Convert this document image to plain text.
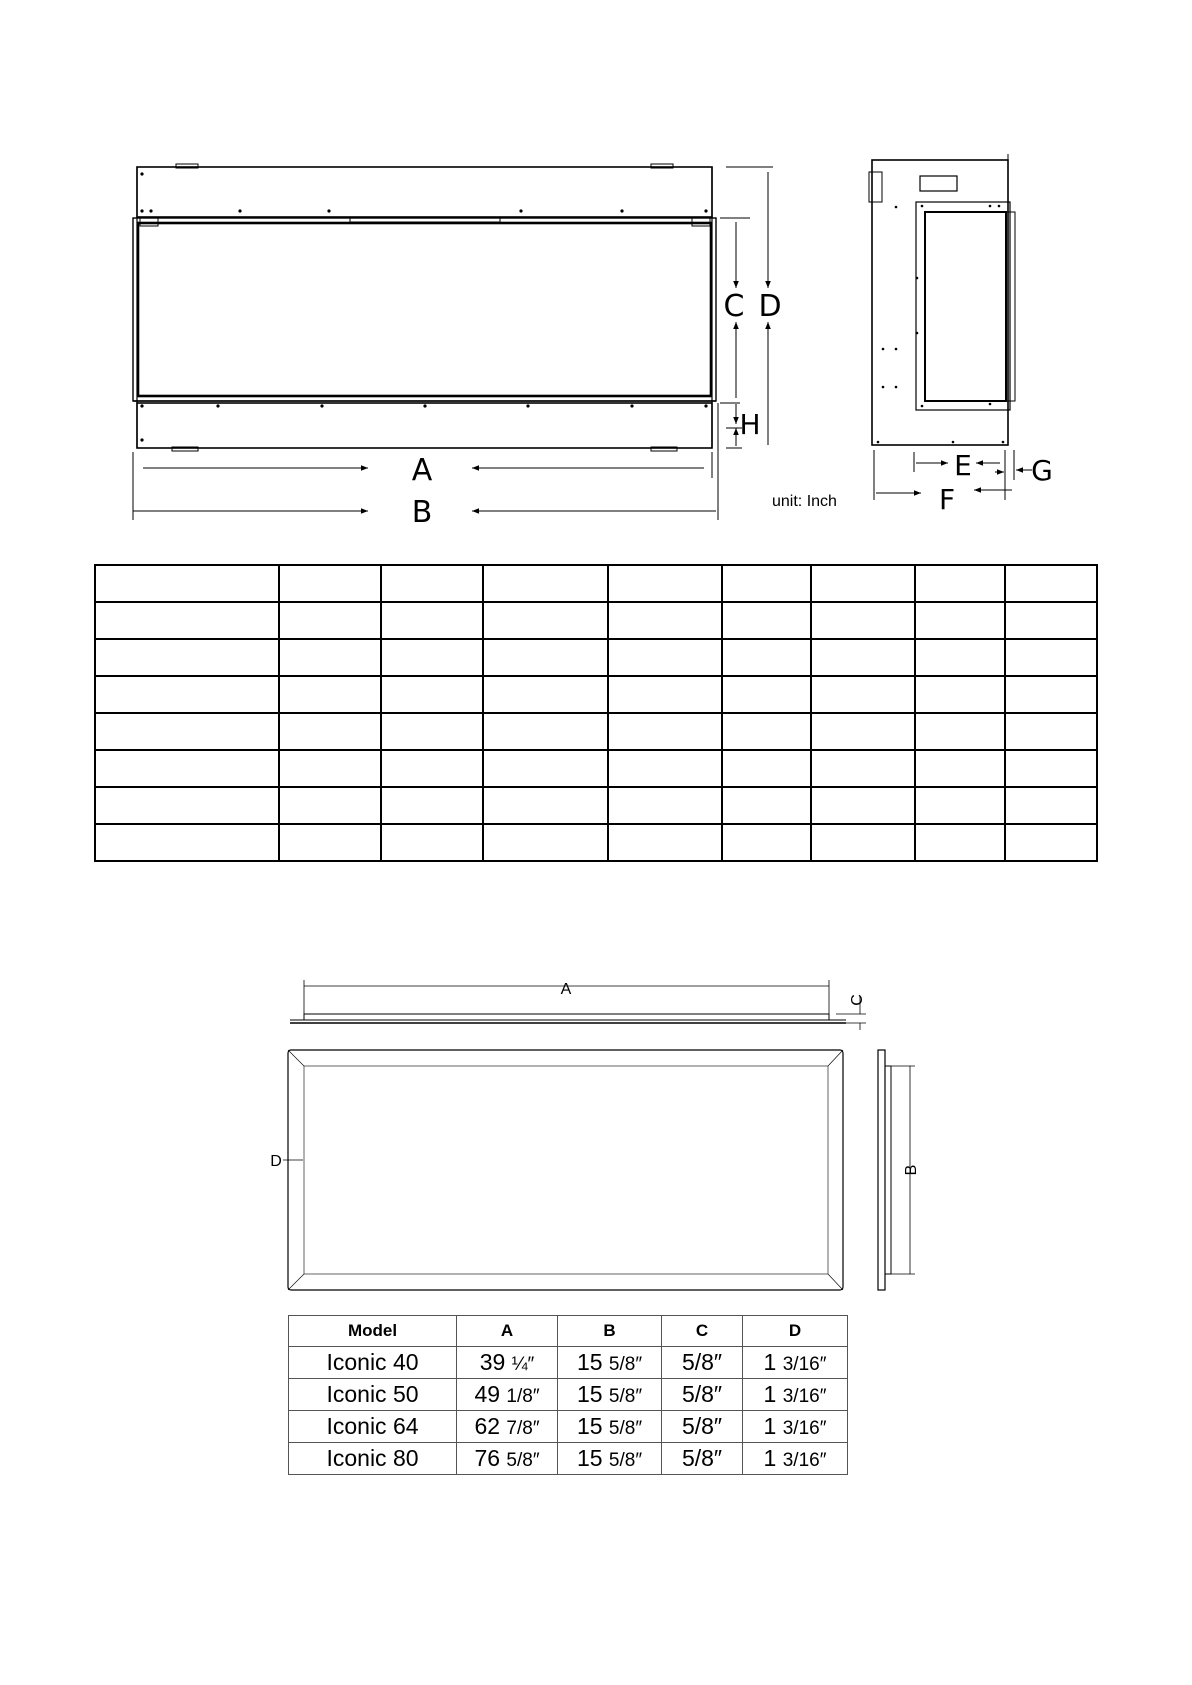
A
B
C D
H
unit: Inch
E
F
G
A
C
D	B

Model	A	B	C	D
Iconic 40	39 ¼″	15 5/8″	5/8″	1 3/16″
Iconic 50	49 1/8″	15 5/8″	5/8″	1 3/16″
Iconic 64	62 7/8″	15 5/8″	5/8″	1 3/16″
Iconic 80	76 5/8″	15 5/8″	5/8″	1 3/16″
